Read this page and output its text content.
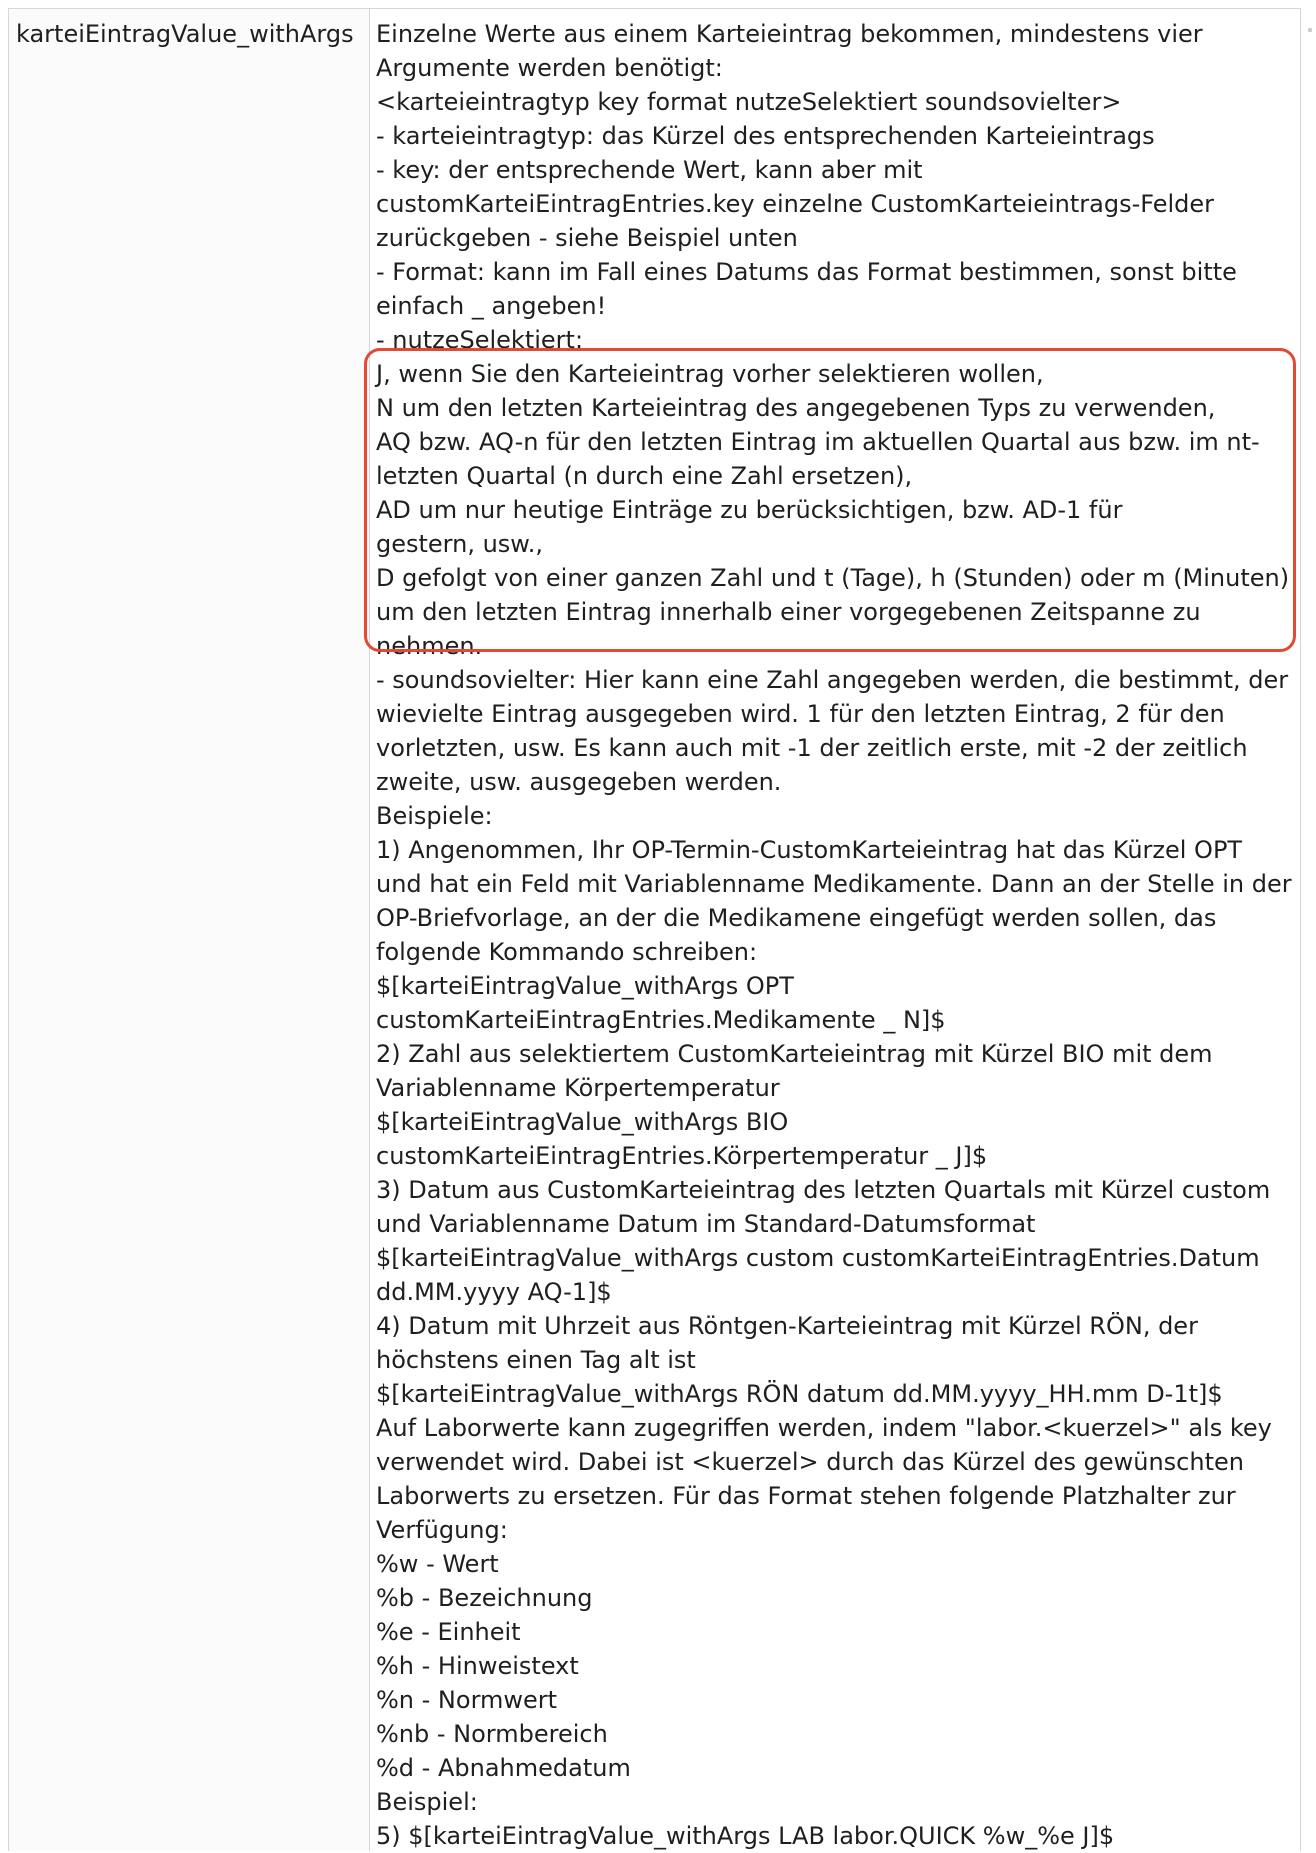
karteiEintragValue_withArgs Einzelne Werte aus einem Karteieintrag bekommen, mindestens vier
Argumente werden benötigt:
<karteieintragtyp key format nutzeSelektiert soundsovielter>
- karteieintragtyp: das Kürzel des entsprechenden Karteieintrags
- key: der entsprechende Wert, kann aber mit
customKarteiEintragEntries.key einzelne CustomKarteieintrags-Felder
zurückgeben - siehe Beispiel unten
- Format: kann im Fall eines Datums das Format bestimmen, sonst bitte
einfach _ angeben!
- nutzeSelektiert:
J, wenn Sie den Karteieintrag vorher selektieren wollen,
N um den letzten Karteieintrag des angegebenen Typs zu verwenden,
AQ bzw. AQ-n für den letzten Eintrag im aktuellen Quartal aus bzw. im nt-
letzten Quartal (n durch eine Zahl ersetzen),
AD um nur heutige Einträge zu berücksichtigen, bzw. AD-1 für
gestern, usw.,
D gefolgt von einer ganzen Zahl und t (Tage), h (Stunden) oder m (Minuten)
um den letzten Eintrag innerhalb einer vorgegebenen Zeitspanne zu
nehmen.
- soundsovielter: Hier kann eine Zahl angegeben werden, die bestimmt, der
wievielte Eintrag ausgegeben wird. 1 für den letzten Eintrag, 2 für den
vorletzten, usw. Es kann auch mit -1 der zeitlich erste, mit -2 der zeitlich
zweite, usw. ausgegeben werden.
Beispiele:
1) Angenommen, Ihr OP-Termin-CustomKarteieintrag hat das Kürzel OPT
und hat ein Feld mit Variablenname Medikamente. Dann an der Stelle in der
OP-Briefvorlage, an der die Medikamene eingefügt werden sollen, das
folgende Kommando schreiben:
$[karteiEintragValue_withArgs OPT
customKarteiEintragEntries.Medikamente _ N]$
2) Zahl aus selektiertem CustomKarteieintrag mit Kürzel BIO mit dem
Variablenname Körpertemperatur
$[karteiEintragValue_withArgs BIO
customKarteiEintragEntries.Körpertemperatur _ J]$
3) Datum aus CustomKarteieintrag des letzten Quartals mit Kürzel custom
und Variablenname Datum im Standard-Datumsformat
$[karteiEintragValue_withArgs custom customKarteiEintragEntries.Datum
dd.MM.yyyy AQ-1]$
4) Datum mit Uhrzeit aus Röntgen-Karteieintrag mit Kürzel RÖN, der
höchstens einen Tag alt ist
$[karteiEintragValue_withArgs RÖN datum dd.MM.yyyy_HH.mm D-1t]$
Auf Laborwerte kann zugegriffen werden, indem "labor.<kuerzel>" als key
verwendet wird. Dabei ist <kuerzel> durch das Kürzel des gewünschten
Laborwerts zu ersetzen. Für das Format stehen folgende Platzhalter zur
Verfügung:
%w - Wert
%b - Bezeichnung
%e - Einheit
%h - Hinweistext
%n - Normwert
%nb - Normbereich
%d - Abnahmedatum
Beispiel:
5) $[karteiEintragValue_withArgs LAB labor.QUICK %w_%e J]$
